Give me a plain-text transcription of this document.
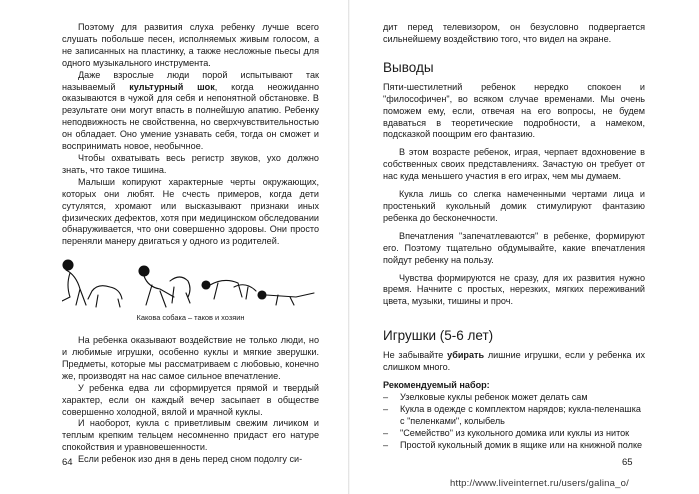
Поэтому для развития слуха ребенку лучше всего слушать побольше песен, исполняемых живым голосом, а не записанных на пластинку, а также несложные пьесы для одного музыкального инструмента.

Даже взрослые люди порой испытывают так называемый культурный шок, когда неожиданно оказываются в чужой для себя и непонятной обстановке. В результате они могут впасть в полнейшую апатию. Ребенку неподвижность не свойственна, но сверхчувствительностью он обладает. Оно умение узнавать себя, тогда он сможет и воспринимать новое, необычное.

Чтобы охватывать весь регистр звуков, ухо должно знать, что такое тишина.

Малыши копируют характерные черты окружающих, которых они любят. Не счесть примеров, когда дети сутулятся, хромают или высказывают признаки иных физических дефектов, хотя при медицинском обследовании обнаруживается, что они совершенно здоровы. Они просто переняли манеру двигаться у одного из родителей.

Какова собака – таков и хозяин

На ребенка оказывают воздействие не только люди, но и любимые игрушки, особенно куклы и мягкие зверушки. Предметы, которые мы рассматриваем с любовью, конечно же, производят на нас самое сильное впечатление.

У ребенка едва ли сформируется прямой и твердый характер, если он каждый вечер засыпает в обществе совершенно холодной, вялой и мрачной куклы.

И наоборот, кукла с приветливым свежим личиком и теплым крепким тельцем несомненно придаст его натуре спокойствия и уравновешенности.

Если ребенок изо дня в день перед сном подолгу си-

64

дит перед телевизором, он безусловно подвергается сильнейшему воздействию того, что видел на экране.

Выводы

Пяти-шестилетний ребенок нередко спокоен и "философичен", во всяком случае временами. Мы очень поможем ему, если, отвечая на его вопросы, не будем вдаваться в теоретические подробности, а намеком, подсказкой поощрим его фантазию.

В этом возрасте ребенок, играя, черпает вдохновение в собственных своих представлениях. Зачастую он требует от нас куда меньшего участия в его играх, чем мы думаем.

Кукла лишь со слегка намеченными чертами лица и простенький кукольный домик стимулируют фантазию ребенка до бесконечности.

Впечатления "запечатлеваются" в ребенке, формируют его. Поэтому тщательно обдумывайте, какие впечатления пойдут ребенку на пользу.

Чувства формируются не сразу, для их развития нужно время. Начните с простых, нерезких, мягких переживаний цвета, музыки, тишины и проч.

Игрушки (5-6 лет)

Не забывайте убирать лишние игрушки, если у ребенка их слишком много.

Рекомендуемый набор:
– Узелковые куклы ребенок может делать сам
– Кукла в одежде с комплектом нарядов; кукла-пеленашка с "пеленками", колыбель
– "Семейство" из кукольного домика или куклы из ниток
– Простой кукольный домик в ящике или на книжной полке
65
http://www.liveinternet.ru/users/galina_o/
